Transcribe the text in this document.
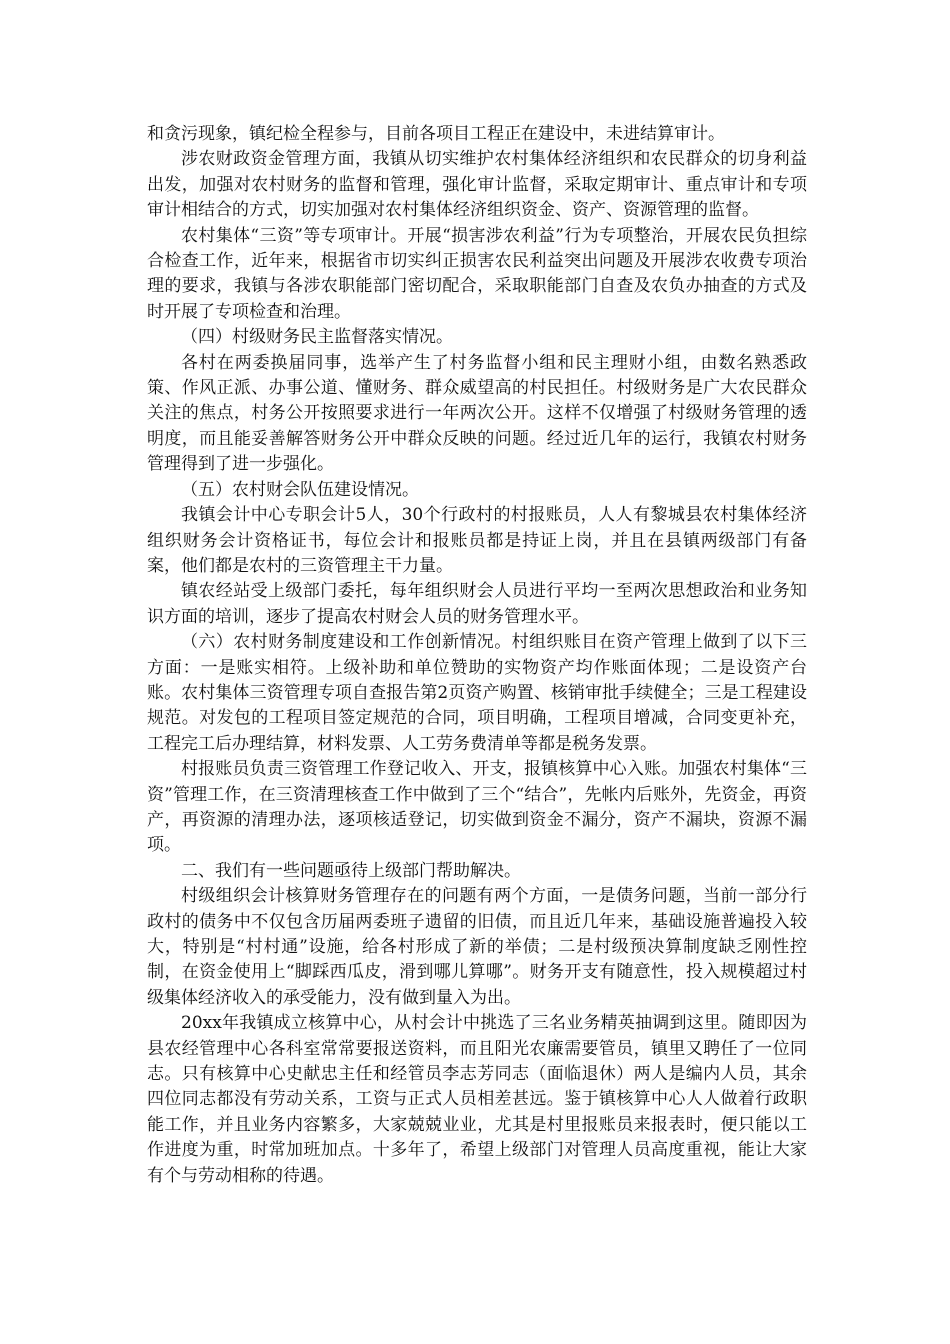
和贪污现象，镇纪检全程参与，目前各项目工程正在建设中，未进结算审计。

涉农财政资金管理方面，我镇从切实维护农村集体经济组织和农民群众的切身利益出发，加强对农村财务的监督和管理，强化审计监督，采取定期审计、重点审计和专项审计相结合的方式，切实加强对农村集体经济组织资金、资产、资源管理的监督。

农村集体“三资”等专项审计。开展“损害涉农利益”行为专项整治，开展农民负担综合检查工作，近年来，根据省市切实纠正损害农民利益突出问题及开展涉农收费专项治理的要求，我镇与各涉农职能部门密切配合，采取职能部门自查及农负办抽查的方式及时开展了专项检查和治理。

（四）村级财务民主监督落实情况。

各村在两委换届同事，选举产生了村务监督小组和民主理财小组，由数名熟悉政策、作风正派、办事公道、懂财务、群众威望高的村民担任。村级财务是广大农民群众关注的焦点，村务公开按照要求进行一年两次公开。这样不仅增强了村级财务管理的透明度，而且能妥善解答财务公开中群众反映的问题。经过近几年的运行，我镇农村财务管理得到了进一步强化。

（五）农村财会队伍建设情况。

我镇会计中心专职会计5人，30个行政村的村报账员，人人有黎城县农村集体经济组织财务会计资格证书，每位会计和报账员都是持证上岗，并且在县镇两级部门有备案，他们都是农村的三资管理主干力量。

镇农经站受上级部门委托，每年组织财会人员进行平均一至两次思想政治和业务知识方面的培训，逐步了提高农村财会人员的财务管理水平。

（六）农村财务制度建设和工作创新情况。村组织账目在资产管理上做到了以下三方面：一是账实相符。上级补助和单位赞助的实物资产均作账面体现；二是设资产台账。农村集体三资管理专项自查报告第2页资产购置、核销审批手续健全；三是工程建设规范。对发包的工程项目签定规范的合同，项目明确，工程项目增减，合同变更补充，工程完工后办理结算，材料发票、人工劳务费清单等都是税务发票。

村报账员负责三资管理工作登记收入、开支，报镇核算中心入账。加强农村集体“三资”管理工作，在三资清理核查工作中做到了三个“结合”，先帐内后账外，先资金，再资产，再资源的清理办法，逐项核适登记，切实做到资金不漏分，资产不漏块，资源不漏项。

二、我们有一些问题亟待上级部门帮助解决。

村级组织会计核算财务管理存在的问题有两个方面，一是债务问题，当前一部分行政村的债务中不仅包含历届两委班子遗留的旧债，而且近几年来，基础设施普遍投入较大，特别是“村村通”设施，给各村形成了新的举债；二是村级预决算制度缺乏刚性控制，在资金使用上“脚踩西瓜皮，滑到哪儿算哪”。财务开支有随意性，投入规模超过村级集体经济收入的承受能力，没有做到量入为出。

20xx年我镇成立核算中心，从村会计中挑选了三名业务精英抽调到这里。随即因为县农经管理中心各科室常常要报送资料，而且阳光农廉需要管员，镇里又聘任了一位同志。只有核算中心史献忠主任和经管员李志芳同志（面临退休）两人是编内人员，其余四位同志都没有劳动关系，工资与正式人员相差甚远。鉴于镇核算中心人人做着行政职能工作，并且业务内容繁多，大家兢兢业业，尤其是村里报账员来报表时，便只能以工作进度为重，时常加班加点。十多年了，希望上级部门对管理人员高度重视，能让大家有个与劳动相称的待遇。
